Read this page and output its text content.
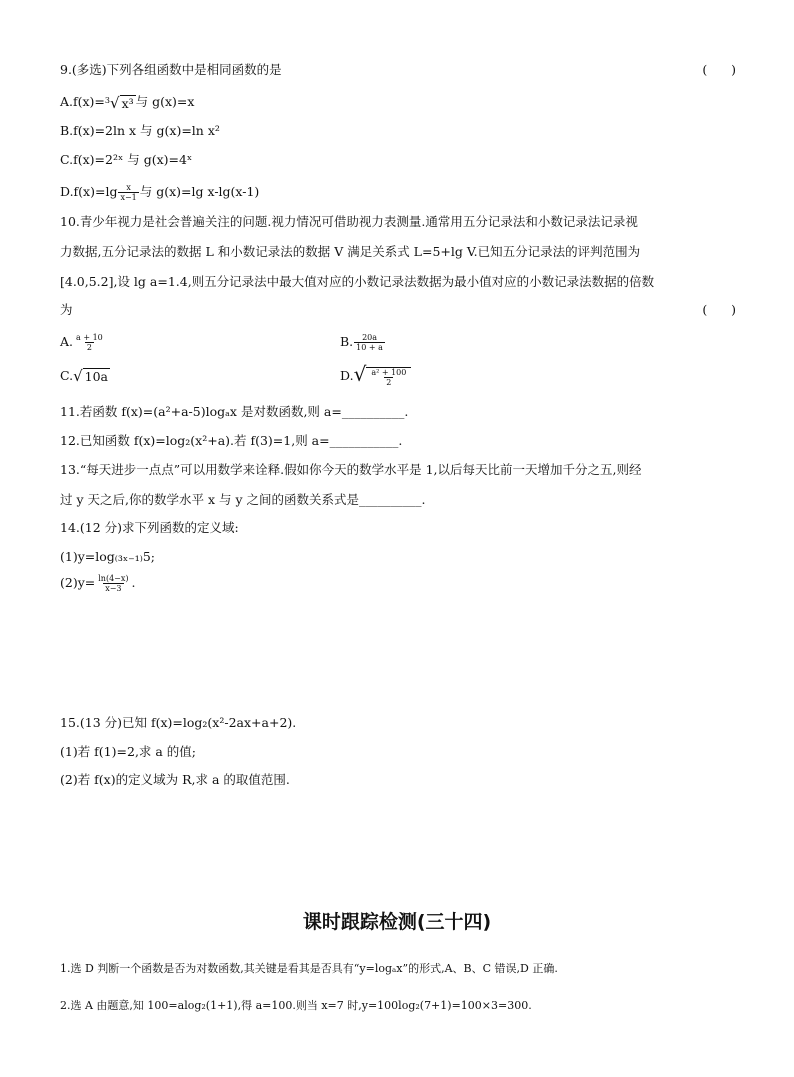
9.(多选)下列各组函数中是相同函数的是	(      )
A.f(x)=$^3$√ x³ 与 g(x)=x
B.f(x)=2ln x 与 g(x)=ln x²
C.f(x)=2²ˣ 与 g(x)=4ˣ
$D.f(x)=\lg \frac{x}{x-1}$ 与 g(x)=lg x-lg(x-1)
10.青少年视力是社会普遍关注的问题.视力情况可借助视力表测量.通常用五分记录法和小数记录法记录视
力数据,五分记录法的数据 L 和小数记录法的数据 V 满足关系式 L=5+lg V.已知五分记录法的评判范围为
[4.0,5.2],设 lg a=1.4,则五分记录法中最大值对应的小数记录法数据为最小值对应的小数记录法数据的倍数
为	(      )
A. $\frac{a + 10}{2}$	B. $\frac{20a}{10 + a}$
C.√ 10a	$D.√ \frac{\text{a² + 100}}{2}$
11.若函数 f(x)=(a²+a-5)logₐx 是对数函数,则 a=__________.
12.已知函数 f(x)=log₂(x²+a).若 f(3)=1,则 a=___________.
13.“每天进步一点点”可以用数学来诠释.假如你今天的数学水平是 1,以后每天比前一天增加千分之五,则经
过 y 天之后,你的数学水平 x 与 y 之间的函数关系式是__________.
14.(12 分)求下列函数的定义域:
(1)y=log₍₃ₓ₋₁₎5;
$(2)y= \frac{\ln(4-x)}{x-3}$ .
15.(13 分)已知 f(x)=log₂(x²-2ax+a+2).
(1)若 f(1)=2,求 a 的值;
(2)若 f(x)的定义域为 R,求 a 的取值范围.
课时跟踪检测(三十四)
1.选 D 判断一个函数是否为对数函数,其关键是看其是否具有“y=logₐx”的形式,A、B、C 错误,D 正确.
2.选 A 由题意,知 100=alog₂(1+1),得 a=100.则当 x=7 时,y=100log₂(7+1)=100×3=300.
